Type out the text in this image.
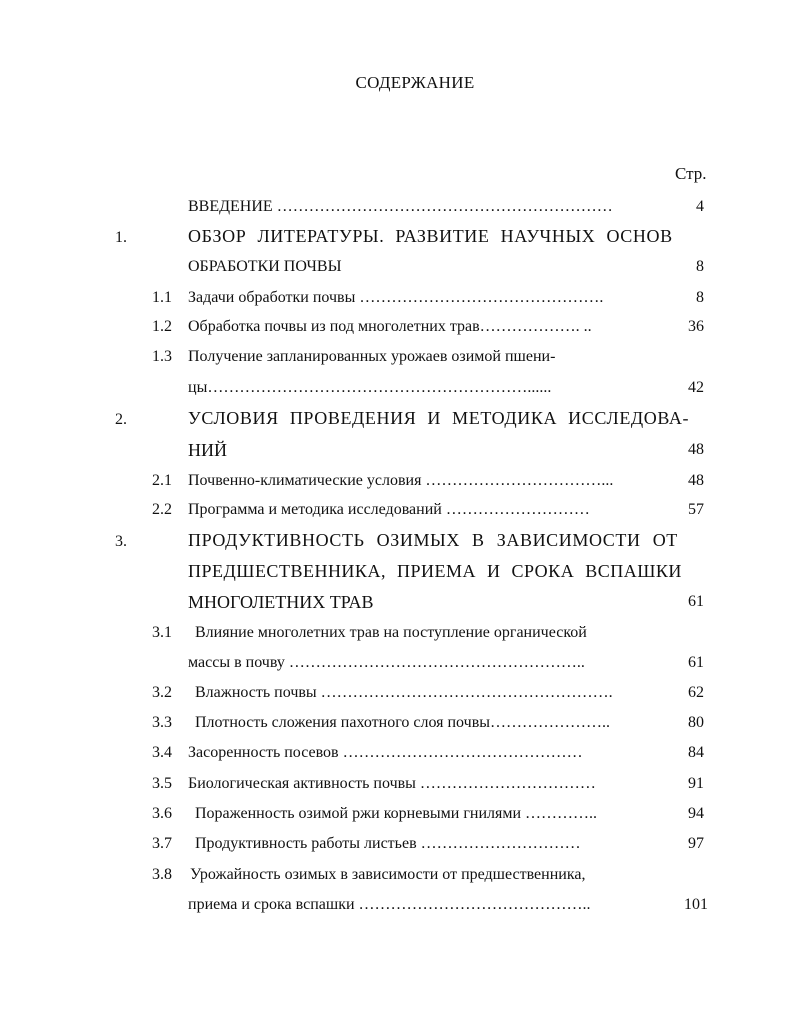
СОДЕРЖАНИЕ
Стр.
ВВЕДЕНИЕ ………………………………………………………	4
1.	ОБЗОР ЛИТЕРАТУРЫ. РАЗВИТИЕ НАУЧНЫХ ОСНОВ
ОБРАБОТКИ ПОЧВЫ	8
1.1 Задачи обработки почвы ……………………………………….	8
1.2 Обработка почвы из под многолетних трав………………. ..	36
1.3 Получение запланированных урожаев озимой пшени-
цы……………………………………………………......	42
2.	УСЛОВИЯ ПРОВЕДЕНИЯ И МЕТОДИКА ИССЛЕДОВА-
НИЙ	48
2.1 Почвенно-климатические условия ……………………………...	48
2.2 Программа и методика исследований ………………………	57
3.	ПРОДУКТИВНОСТЬ ОЗИМЫХ В ЗАВИСИМОСТИ ОТ
ПРЕДШЕСТВЕННИКА, ПРИЕМА И СРОКА ВСПАШКИ
МНОГОЛЕТНИХ ТРАВ	61
3.1 Влияние многолетних трав на поступление органической
массы в почву ………………………………………………..	61
3.2 Влажность почвы ……………………………………………….	62
3.3 Плотность сложения пахотного слоя почвы…………………..	80
3.4 Засоренность посевов ………………………………………	84
3.5 Биологическая активность почвы ……………………………	91
3.6 Пораженность озимой ржи корневыми гнилями …………..	94
3.7 Продуктивность работы листьев …………………………	97
3.8 Урожайность озимых в зависимости от предшественника,
приема и срока вспашки ……………………………………..	101
